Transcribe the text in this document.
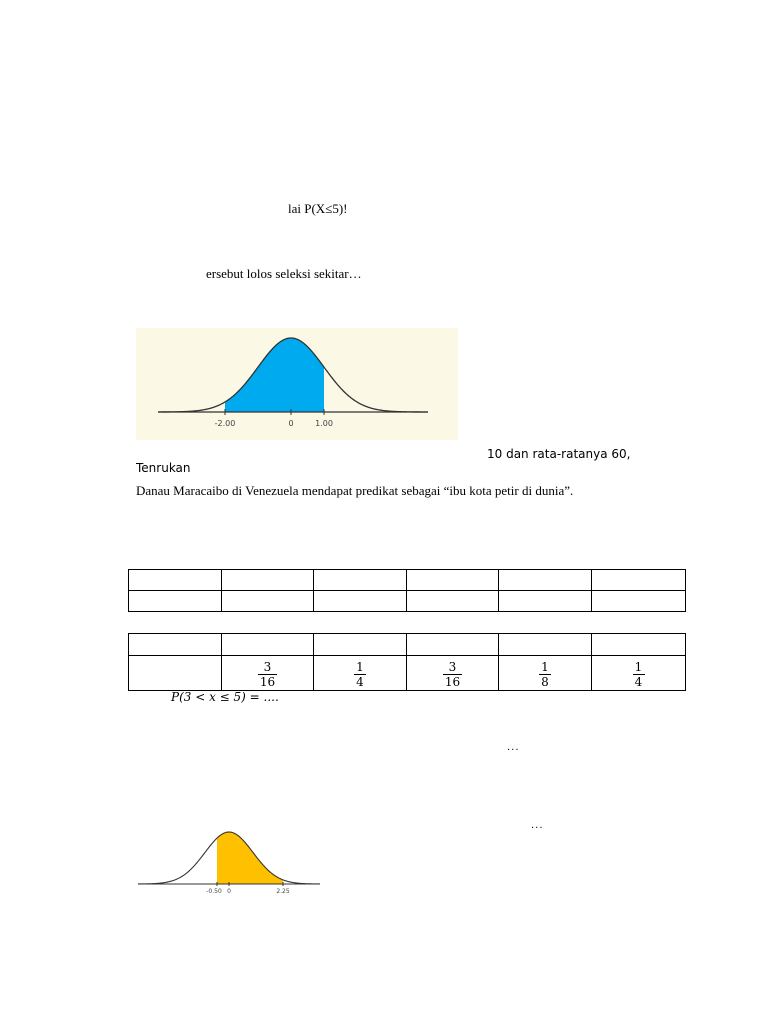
lai P(X≤5)!
ersebut lolos seleksi sekitar…
-2.00	0	1.00
10 dan rata-ratanya 60,
Tenrukan
Danau Maracaibo di Venezuela mendapat predikat sebagai “ibu kota petir di dunia”.

	$\frac{3}{16}$	$\frac{1}{4}$	$\frac{3}{16}$	$\frac{1}{8}$	$\frac{1}{4}$
P(3 < x ≤ 5) = ....
...
...
-0.50 0	2.25
